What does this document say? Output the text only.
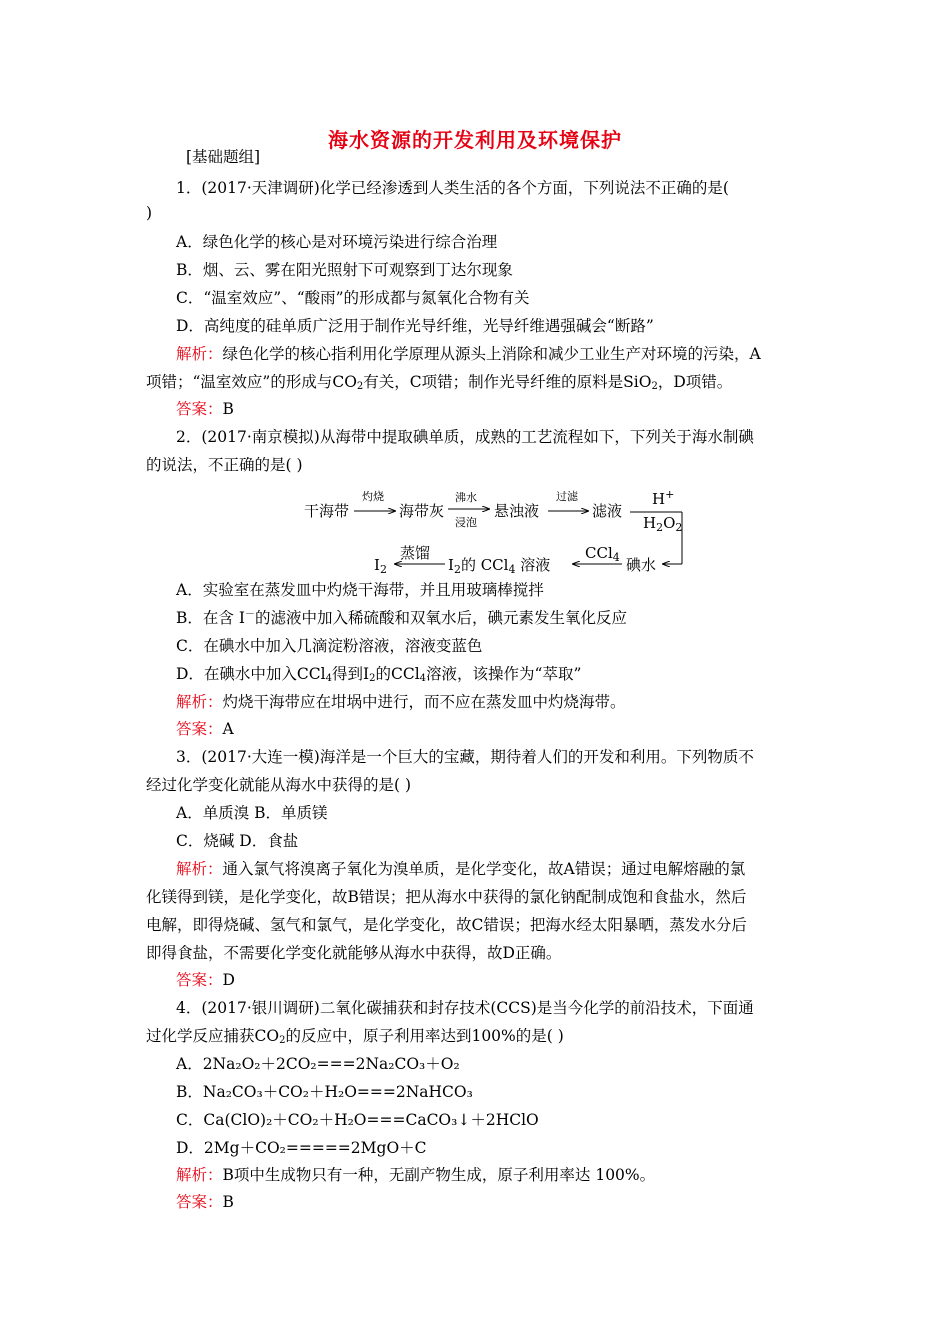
海水资源的开发利用及环境保护
[基础题组]
1．(2017·天津调研)化学已经渗透到人类生活的各个方面，下列说法不正确的是(
)
A．绿色化学的核心是对环境污染进行综合治理
B．烟、云、雾在阳光照射下可观察到丁达尔现象
C．“温室效应”、“酸雨”的形成都与氮氧化合物有关
D．高纯度的硅单质广泛用于制作光导纤维，光导纤维遇强碱会“断路”
解析：绿色化学的核心指利用化学原理从源头上消除和减少工业生产对环境的污染，A
项错；“温室效应”的形成与$CO_2$有关，C项错；制作光导纤维的原料是SiO$_2$，D项错。
答案：B
2．(2017·南京模拟)从海带中提取碘单质，成熟的工艺流程如下，下列关于海水制碘
的说法，不正确的是( )
干海带
灼烧
海带灰
沸水
浸泡
悬浊液
过滤
滤液
H+
$H_2O_2$
碘水
CCl$_4$
$I_2$的 CCl$_4$ 溶液
蒸馏
$I_2$
A．实验室在蒸发皿中灼烧干海带，并且用玻璃棒搅拌
B．在含 I－的滤液中加入稀硫酸和双氧水后，碘元素发生氧化反应
C．在碘水中加入几滴淀粉溶液，溶液变蓝色
D．在碘水中加入CCl$_4$得到$I_2$的CCl$_4$溶液，该操作为“萃取”
解析：灼烧干海带应在坩埚中进行，而不应在蒸发皿中灼烧海带。
答案：A
3．(2017·大连一模)海洋是一个巨大的宝藏，期待着人们的开发和利用。下列物质不
经过化学变化就能从海水中获得的是( )
A．单质溴 B．单质镁
C．烧碱 D．食盐
解析：通入氯气将溴离子氧化为溴单质，是化学变化，故A错误；通过电解熔融的氯
化镁得到镁，是化学变化，故B错误；把从海水中获得的氯化钠配制成饱和食盐水，然后
电解，即得烧碱、氢气和氯气，是化学变化，故C错误；把海水经太阳暴晒，蒸发水分后
即得食盐，不需要化学变化就能够从海水中获得，故D正确。
答案：D
4．(2017·银川调研)二氧化碳捕获和封存技术(CCS)是当今化学的前沿技术，下面通
过化学反应捕获$CO_2$的反应中，原子利用率达到100%的是( )
A．2Na₂O₂＋2CO₂===2Na₂CO₃＋O₂
B．Na₂CO₃＋CO₂＋H₂O===2NaHCO₃
C．Ca(ClO)₂＋CO₂＋H₂O===CaCO₃↓＋2HClO
D．2Mg＋CO₂=====2MgO＋C
解析：B项中生成物只有一种，无副产物生成，原子利用率达 100%。
答案：B
